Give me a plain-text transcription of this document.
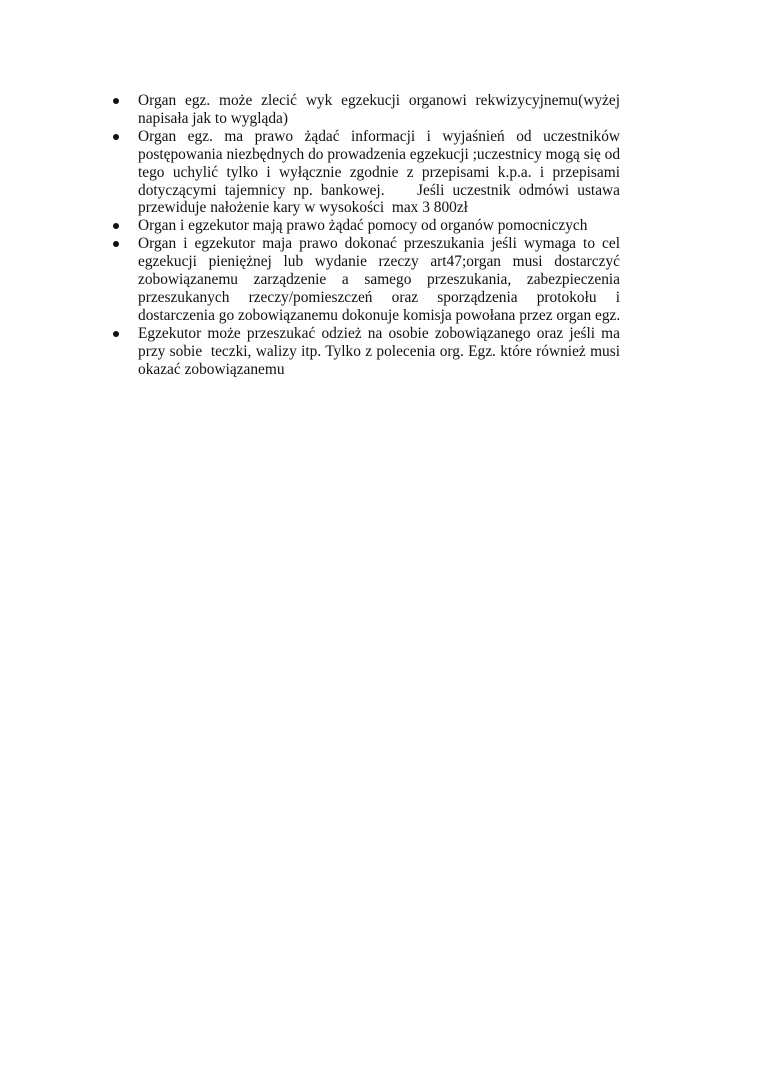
Organ egz. może zlecić wyk egzekucji organowi rekwizycyjnemu(wyżej
napisała jak to wygląda)
Organ egz. ma prawo żądać informacji i wyjaśnień od uczestników
postępowania niezbędnych do prowadzenia egzekucji ;uczestnicy mogą się od
tego uchylić tylko i wyłącznie zgodnie z przepisami k.p.a. i przepisami
dotyczącymi tajemnicy np. bankowej.    Jeśli uczestnik odmówi ustawa
przewiduje nałożenie kary w wysokości  max 3 800zł
Organ i egzekutor mają prawo żądać pomocy od organów pomocniczych
Organ i egzekutor maja prawo dokonać przeszukania jeśli wymaga to cel
egzekucji pieniężnej lub wydanie rzeczy art47;organ musi dostarczyć
zobowiązanemu zarządzenie a samego przeszukania, zabezpieczenia
przeszukanych rzeczy/pomieszczeń oraz sporządzenia protokołu i
dostarczenia go zobowiązanemu dokonuje komisja powołana przez organ egz.
Egzekutor może przeszukać odzież na osobie zobowiązanego oraz jeśli ma
przy sobie  teczki, walizy itp. Tylko z polecenia org. Egz. które również musi
okazać zobowiązanemu
